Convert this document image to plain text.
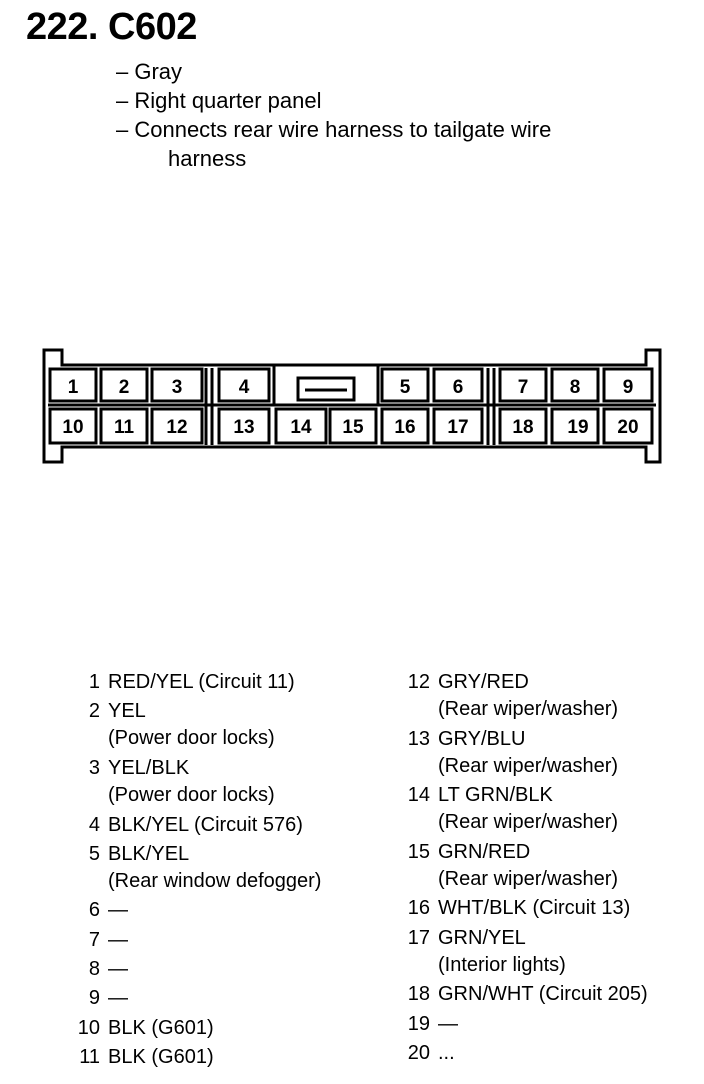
222. C602
– Gray
– Right quarter panel
– Connects rear wire harness to tailgate wire
harness
1 2 3	4	5 6	7 8 9
10 11 12 13 14 15 16 17 18 19 20
1 RED/YEL (Circuit 11)
2 YEL
(Power door locks)
3 YEL/BLK
(Power door locks)
4 BLK/YEL (Circuit 576)
5 BLK/YEL
(Rear window defogger)
6 —
7 —
8 —
9 —
10 BLK (G601)
11 BLK (G601)
12 GRY/RED
(Rear wiper/washer)
13 GRY/BLU
(Rear wiper/washer)
14 LT GRN/BLK
(Rear wiper/washer)
15 GRN/RED
(Rear wiper/washer)
16 WHT/BLK (Circuit 13)
17 GRN/YEL
(Interior lights)
18 GRN/WHT (Circuit 205)
19 —
20 ...
